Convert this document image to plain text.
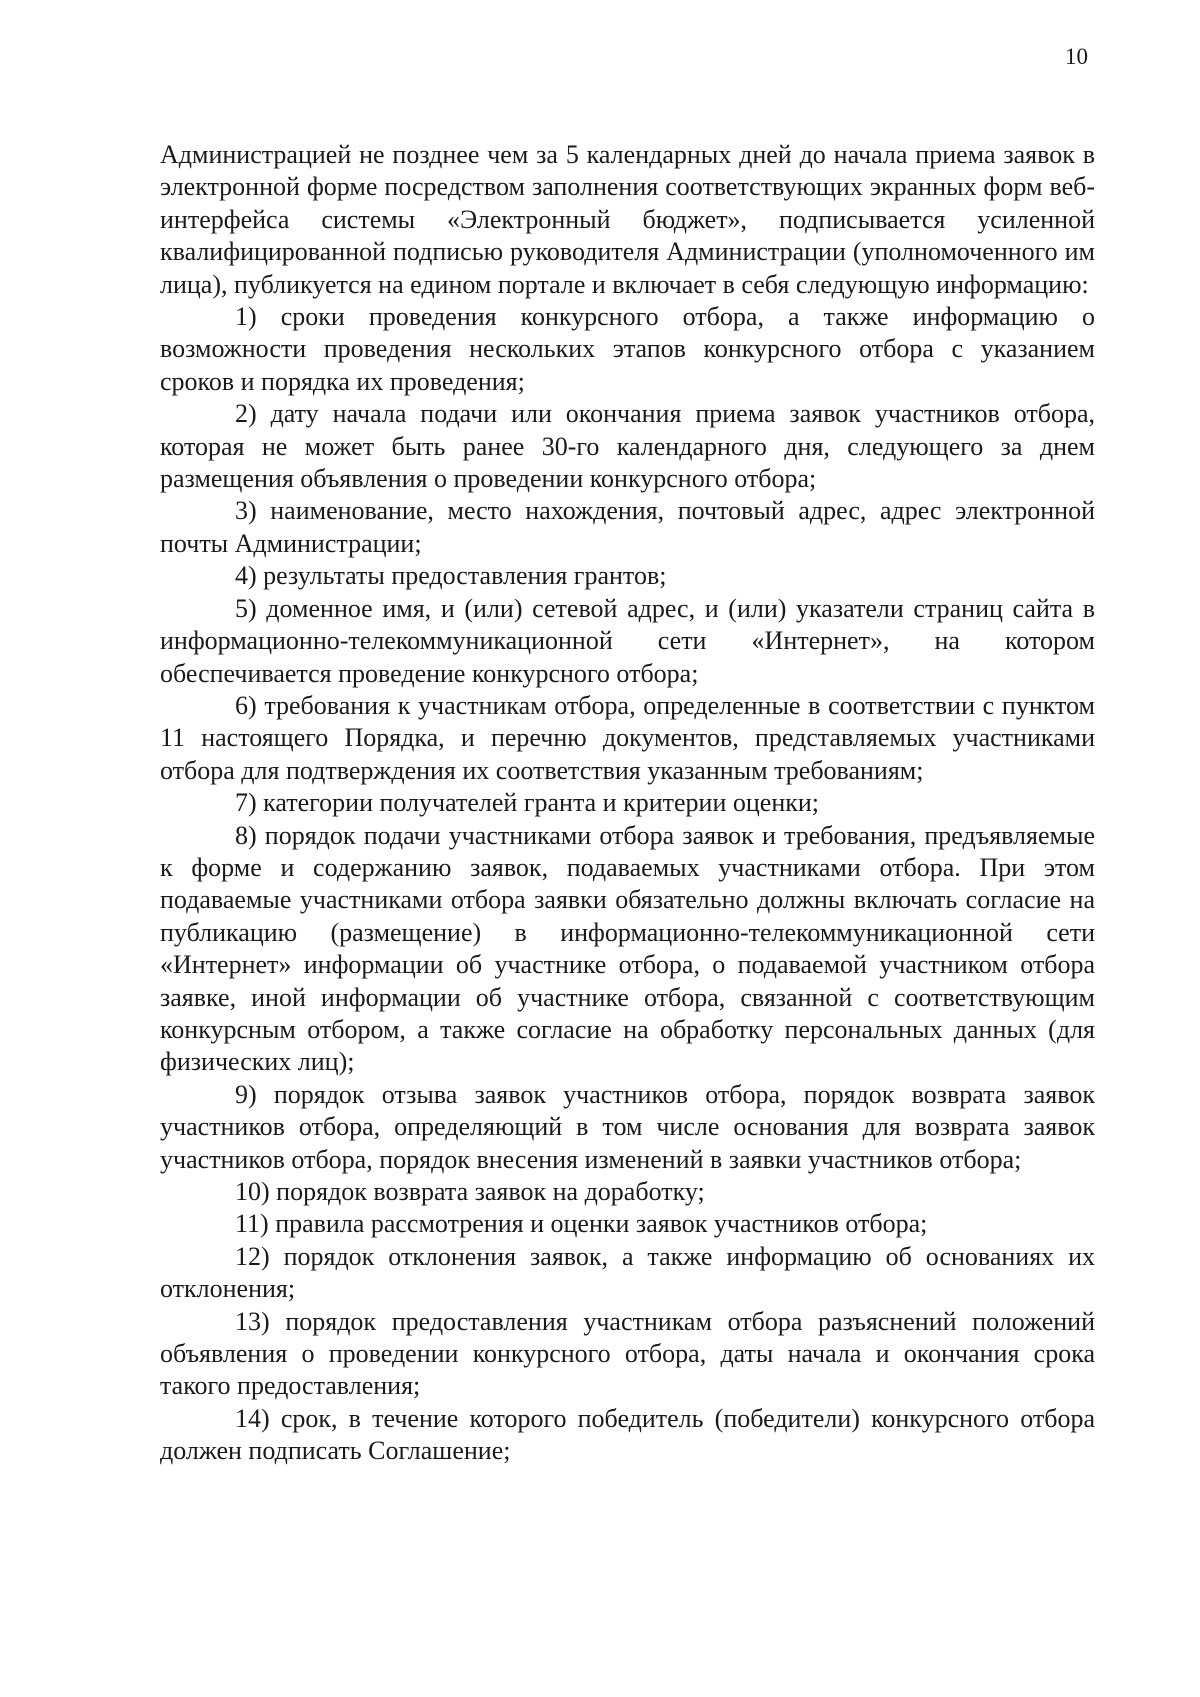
10

Администрацией не позднее чем за 5 календарных дней до начала приема заявок в электронной форме посредством заполнения соответствующих экранных форм веб-интерфейса системы «Электронный бюджет», подписывается усиленной квалифицированной подписью руководителя Администрации (уполномоченного им лица), публикуется на едином портале и включает в себя следующую информацию:

1) сроки проведения конкурсного отбора, а также информацию о возможности проведения нескольких этапов конкурсного отбора с указанием сроков и порядка их проведения;

2) дату начала подачи или окончания приема заявок участников отбора, которая не может быть ранее 30-го календарного дня, следующего за днем размещения объявления о проведении конкурсного отбора;

3) наименование, место нахождения, почтовый адрес, адрес электронной почты Администрации;

4) результаты предоставления грантов;

5) доменное имя, и (или) сетевой адрес, и (или) указатели страниц сайта в информационно-телекоммуникационной сети «Интернет», на котором обеспечивается проведение конкурсного отбора;

6) требования к участникам отбора, определенные в соответствии с пунктом 11 настоящего Порядка, и перечню документов, представляемых участниками отбора для подтверждения их соответствия указанным требованиям;

7) категории получателей гранта и критерии оценки;

8) порядок подачи участниками отбора заявок и требования, предъявляемые к форме и содержанию заявок, подаваемых участниками отбора. При этом подаваемые участниками отбора заявки обязательно должны включать согласие на публикацию (размещение) в информационно-телекоммуникационной сети «Интернет» информации об участнике отбора, о подаваемой участником отбора заявке, иной информации об участнике отбора, связанной с соответствующим конкурсным отбором, а также согласие на обработку персональных данных (для физических лиц);

9) порядок отзыва заявок участников отбора, порядок возврата заявок участников отбора, определяющий в том числе основания для возврата заявок участников отбора, порядок внесения изменений в заявки участников отбора;

10) порядок возврата заявок на доработку;

11) правила рассмотрения и оценки заявок участников отбора;

12) порядок отклонения заявок, а также информацию об основаниях их отклонения;

13) порядок предоставления участникам отбора разъяснений положений объявления о проведении конкурсного отбора, даты начала и окончания срока такого предоставления;

14) срок, в течение которого победитель (победители) конкурсного отбора должен подписать Соглашение;
